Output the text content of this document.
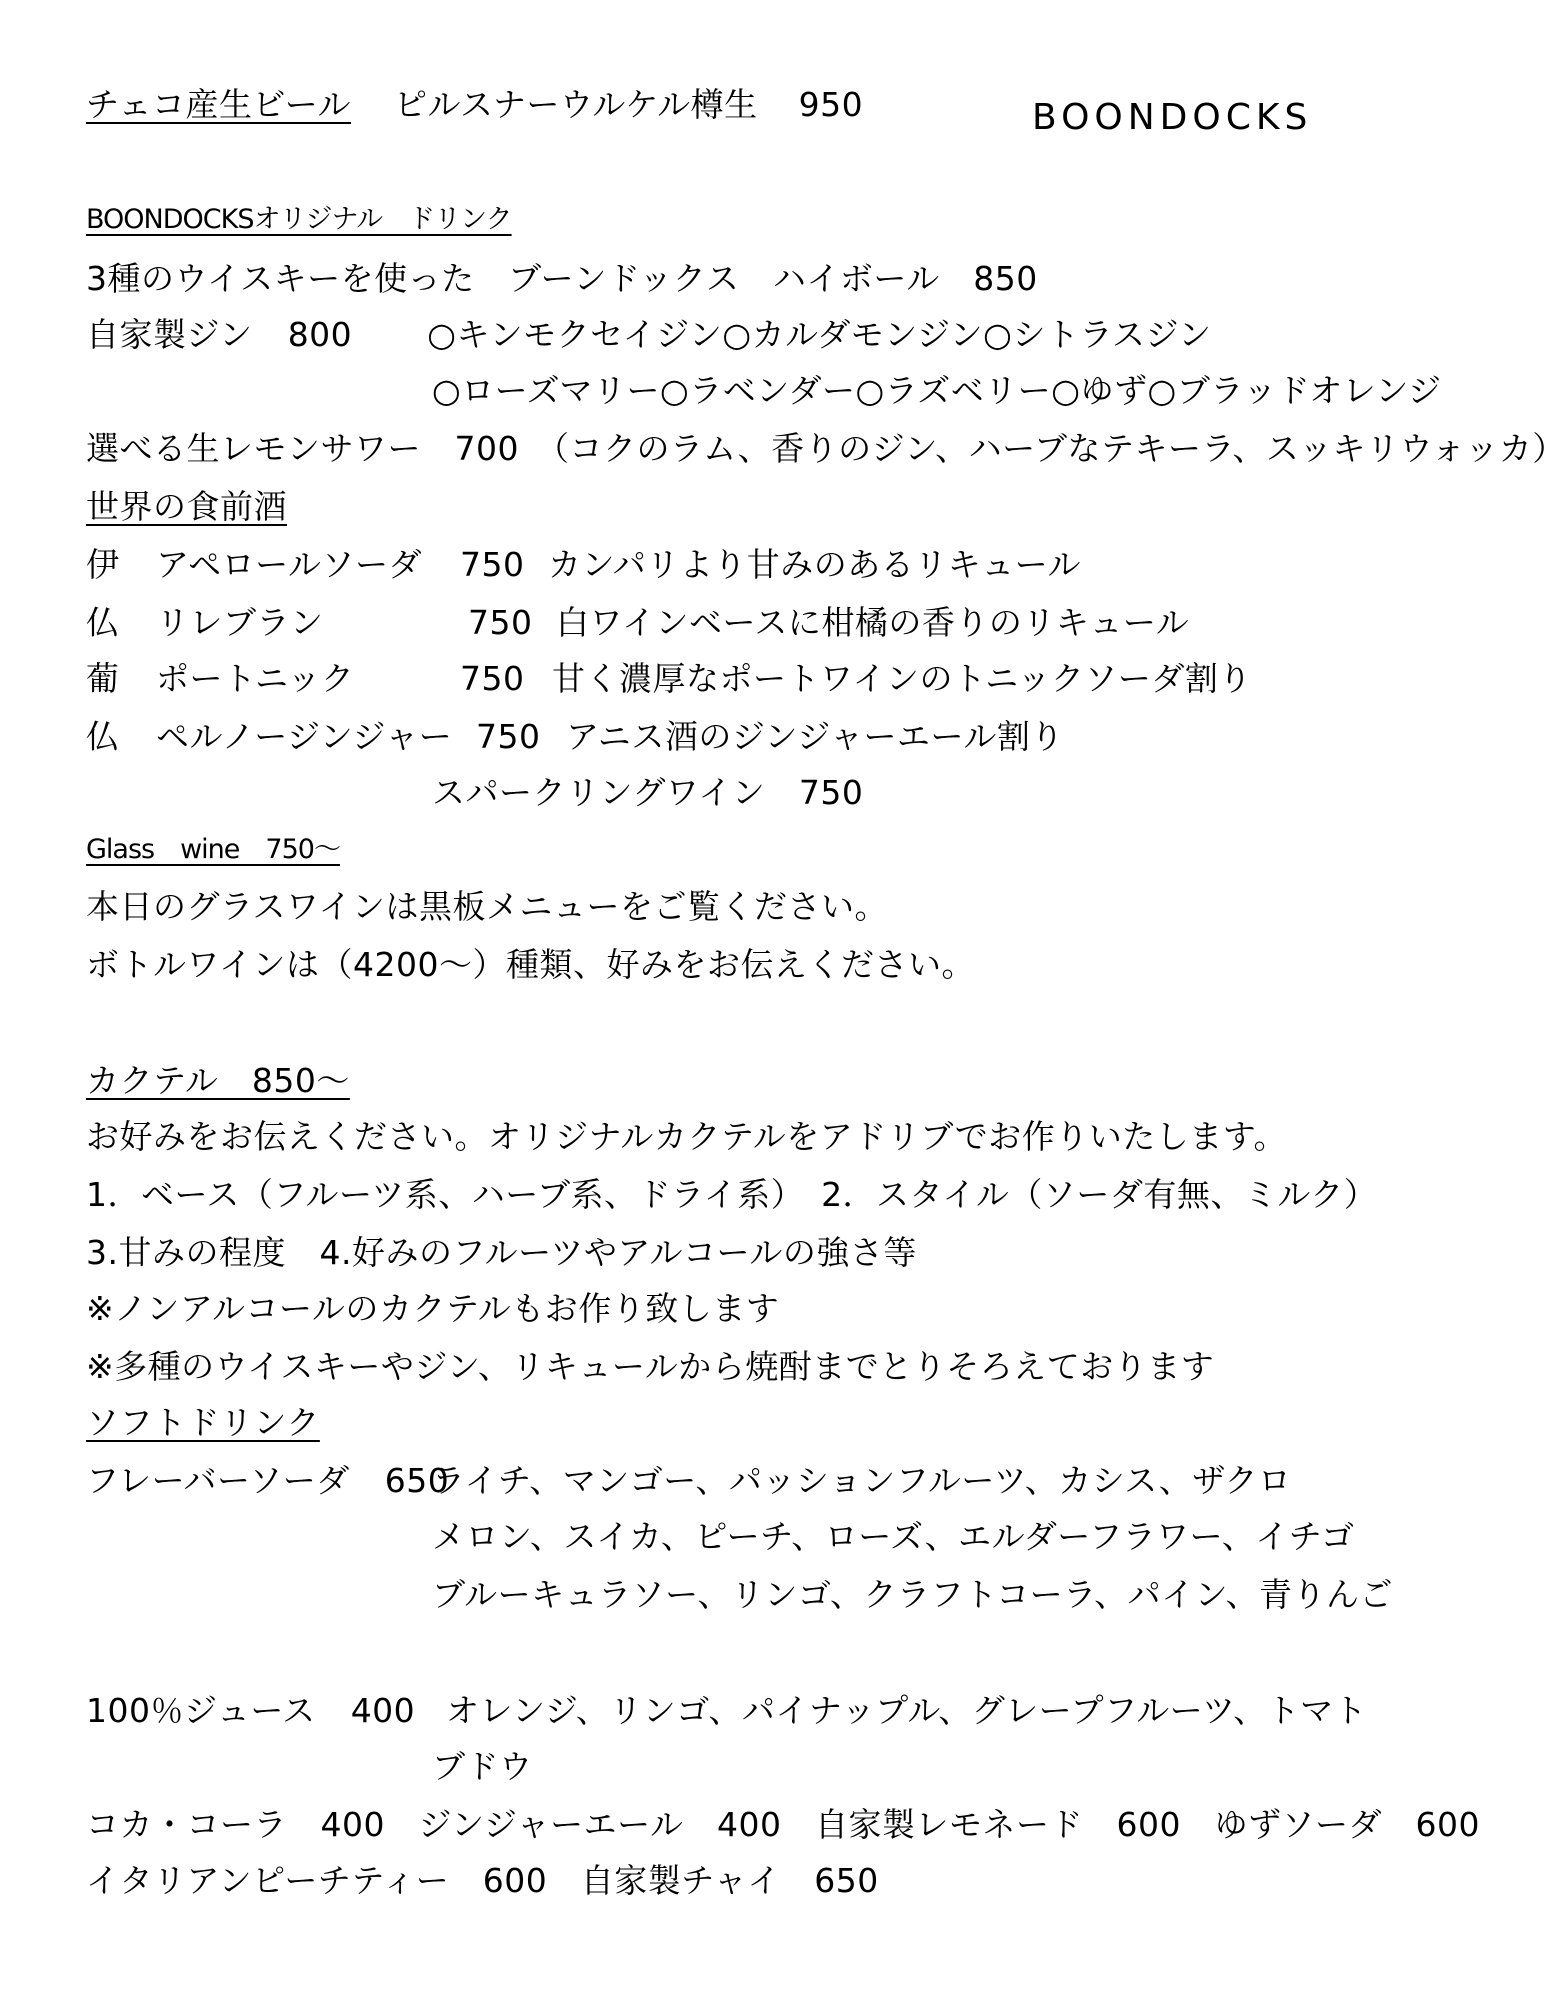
チェコ産生ビール ピルスナーウルケル樽生 950	BOONDOCKS
BOONDOCKSオリジナル　ドリンク
3種のウイスキーを使った　ブーンドックス　ハイボール　850
自家製ジン 800 ○キンモクセイジン○カルダモンジン○シトラスジン
○ローズマリー○ラベンダー○ラズベリー○ゆず○ブラッドオレンジ
選べる生レモンサワー　700　（コクのラム、香りのジン、ハーブなテキーラ、スッキリウォッカ）
世界の食前酒
伊 アペロールソーダ 750 カンパリより甘みのあるリキュール
仏 リレブラン	750 白ワインベースに柑橘の香りのリキュール
葡 ポートニック	750 甘く濃厚なポートワインのトニックソーダ割り
仏 ペルノージンジャー 750 アニス酒のジンジャーエール割り
スパークリングワイン　750
Glass　wine　750〜
本日のグラスワインは黒板メニューをご覧ください。
ボトルワインは（4200〜）種類、好みをお伝えください。
カクテル　850〜
お好みをお伝えください。オリジナルカクテルをアドリブでお作りいたします。
1．ベース（フルーツ系、ハーブ系、ドライ系）　2．スタイル（ソーダ有無、ミルク）
3.甘みの程度　4.好みのフルーツやアルコールの強さ等
※ノンアルコールのカクテルもお作り致します
※多種のウイスキーやジン、リキュールから焼酎までとりそろえております
ソフトドリンク
フレーバーソーダ 650
ライチ、マンゴー、パッションフルーツ、カシス、ザクロ
メロン、スイカ、ピーチ、ローズ、エルダーフラワー、イチゴ
ブルーキュラソー、リンゴ、クラフトコーラ、パイン、青りんご
100％ジュース 400 オレンジ、リンゴ、パイナップル、グレープフルーツ、トマト
ブドウ
コカ・コーラ　400　ジンジャーエール　400　自家製レモネード　600　ゆずソーダ　600
イタリアンピーチティー　600　自家製チャイ　650
